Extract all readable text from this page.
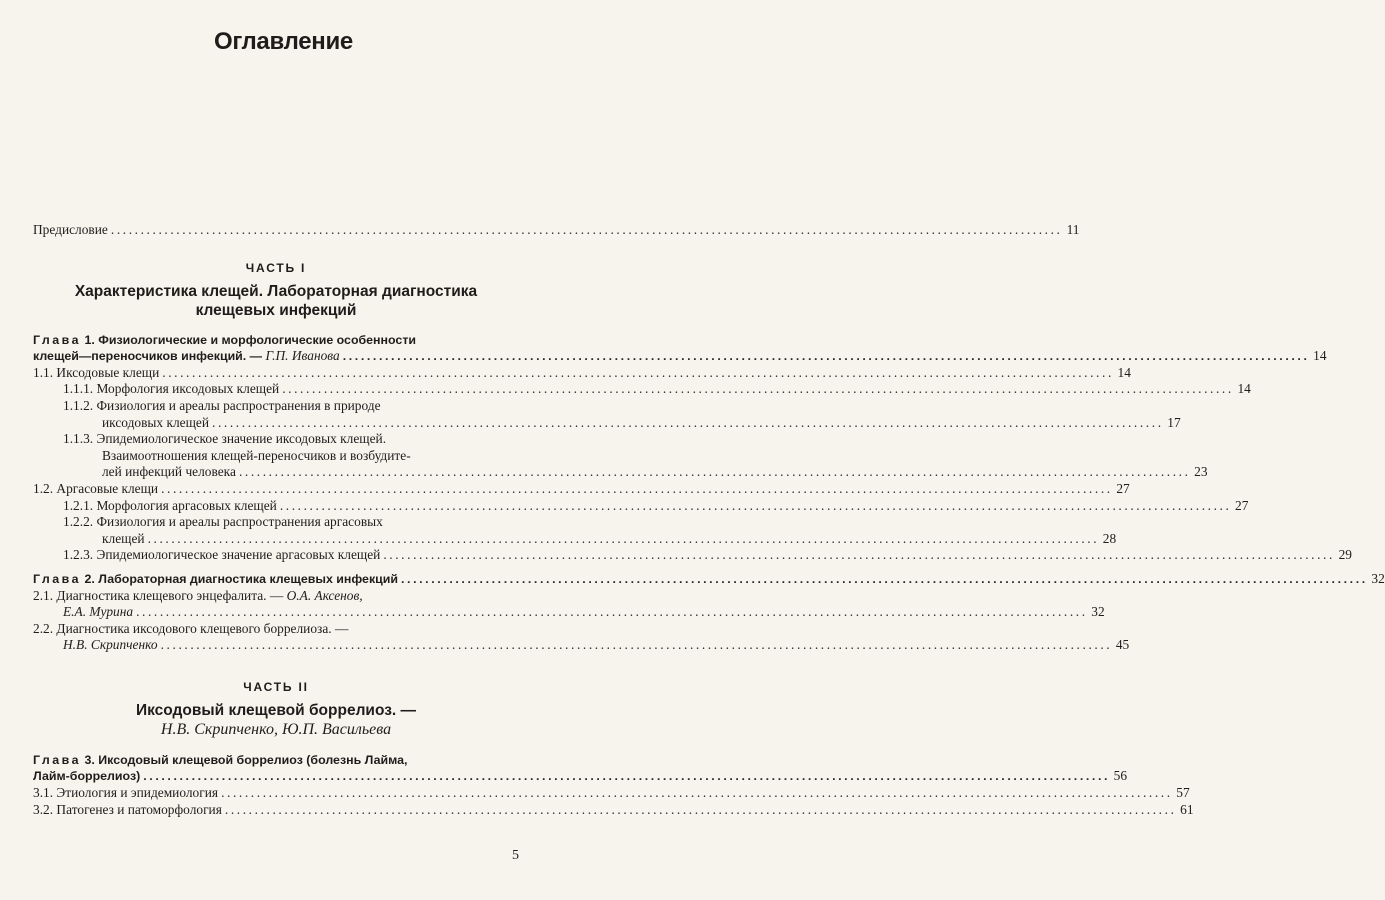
Оглавление
Предисловие ................................................................................................................................................................ 11
ЧАСТЬ I
Характеристика клещей. Лабораторная диагностика
клещевых инфекций
Глава 1. Физиологические и морфологические особенности
клещей—переносчиков инфекций. — Г.П. Иванова ................................................................................................................................................................ 14
1.1. Иксодовые клещи ................................................................................................................................................................ 14
1.1.1. Морфология иксодовых клещей ................................................................................................................................................................ 14
1.1.2. Физиология и ареалы распространения в природе
иксодовых клещей ................................................................................................................................................................ 17
1.1.3. Эпидемиологическое значение иксодовых клещей.
Взаимоотношения клещей-переносчиков и возбудите-
лей инфекций человека ................................................................................................................................................................ 23
1.2. Аргасовые клещи ................................................................................................................................................................ 27
1.2.1. Морфология аргасовых клещей ................................................................................................................................................................ 27
1.2.2. Физиология и ареалы распространения аргасовых
клещей ................................................................................................................................................................ 28
1.2.3. Эпидемиологическое значение аргасовых клещей ................................................................................................................................................................ 29
Глава 2. Лабораторная диагностика клещевых инфекций ................................................................................................................................................................ 32
2.1. Диагностика клещевого энцефалита. — О.А. Аксенов,
Е.А. Мурина ................................................................................................................................................................ 32
2.2. Диагностика иксодового клещевого боррелиоза. —
Н.В. Скрипченко ................................................................................................................................................................ 45
ЧАСТЬ II
Иксодовый клещевой боррелиоз. —
Н.В. Скрипченко, Ю.П. Васильева
Глава 3. Иксодовый клещевой боррелиоз (болезнь Лайма,
Лайм-боррелиоз) ................................................................................................................................................................ 56
3.1. Этиология и эпидемиология ................................................................................................................................................................ 57
3.2. Патогенез и патоморфология ................................................................................................................................................................ 61
5
